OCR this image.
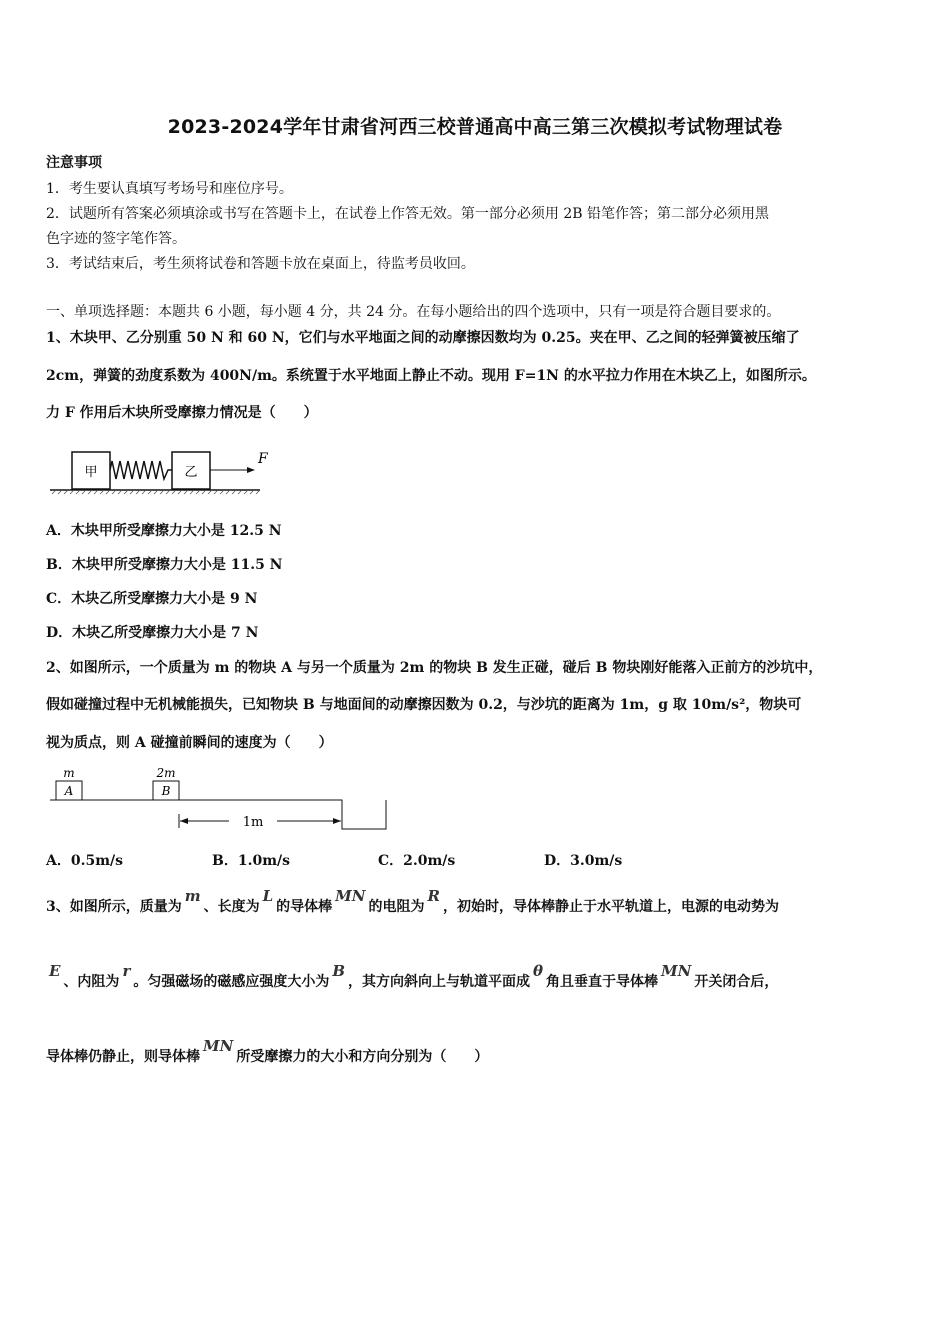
2023-2024学年甘肃省河西三校普通高中高三第三次模拟考试物理试卷
注意事项
1．考生要认真填写考场号和座位序号。
2．试题所有答案必须填涂或书写在答题卡上，在试卷上作答无效。第一部分必须用 2B 铅笔作答；第二部分必须用黑
色字迹的签字笔作答。
3．考试结束后，考生须将试卷和答题卡放在桌面上，待监考员收回。
一、单项选择题：本题共 6 小题，每小题 4 分，共 24 分。在每小题给出的四个选项中，只有一项是符合题目要求的。
1、木块甲、乙分别重 50 N 和 60 N，它们与水平地面之间的动摩擦因数均为 0.25。夹在甲、乙之间的轻弹簧被压缩了
2cm，弹簧的劲度系数为 400N/m。系统置于水平地面上静止不动。现用 F=1N 的水平拉力作用在木块乙上，如图所示。
力 F 作用后木块所受摩擦力情况是（　　）
甲	乙
F
A．木块甲所受摩擦力大小是 12.5 N
B．木块甲所受摩擦力大小是 11.5 N
C．木块乙所受摩擦力大小是 9 N
D．木块乙所受摩擦力大小是 7 N
2、如图所示，一个质量为 m 的物块 A 与另一个质量为 2m 的物块 B 发生正碰，碰后 B 物块刚好能落入正前方的沙坑中，
假如碰撞过程中无机械能损失，已知物块 B 与地面间的动摩擦因数为 0.2，与沙坑的距离为 1m，g 取 10m/s²，物块可
视为质点，则 A 碰撞前瞬间的速度为（　　）
m
A
2m
B
1m
A．0.5m/s	B．1.0m/s	C．2.0m/s	D．3.0m/s
3、如图所示，质量为m、长度为L的导体棒MN的电阻为R，初始时，导体棒静止于水平轨道上，电源的电动势为
E、内阻为r。匀强磁场的磁感应强度大小为B，其方向斜向上与轨道平面成θ角且垂直于导体棒MN开关闭合后，
导体棒仍静止，则导体棒MN所受摩擦力的大小和方向分别为（　　）
